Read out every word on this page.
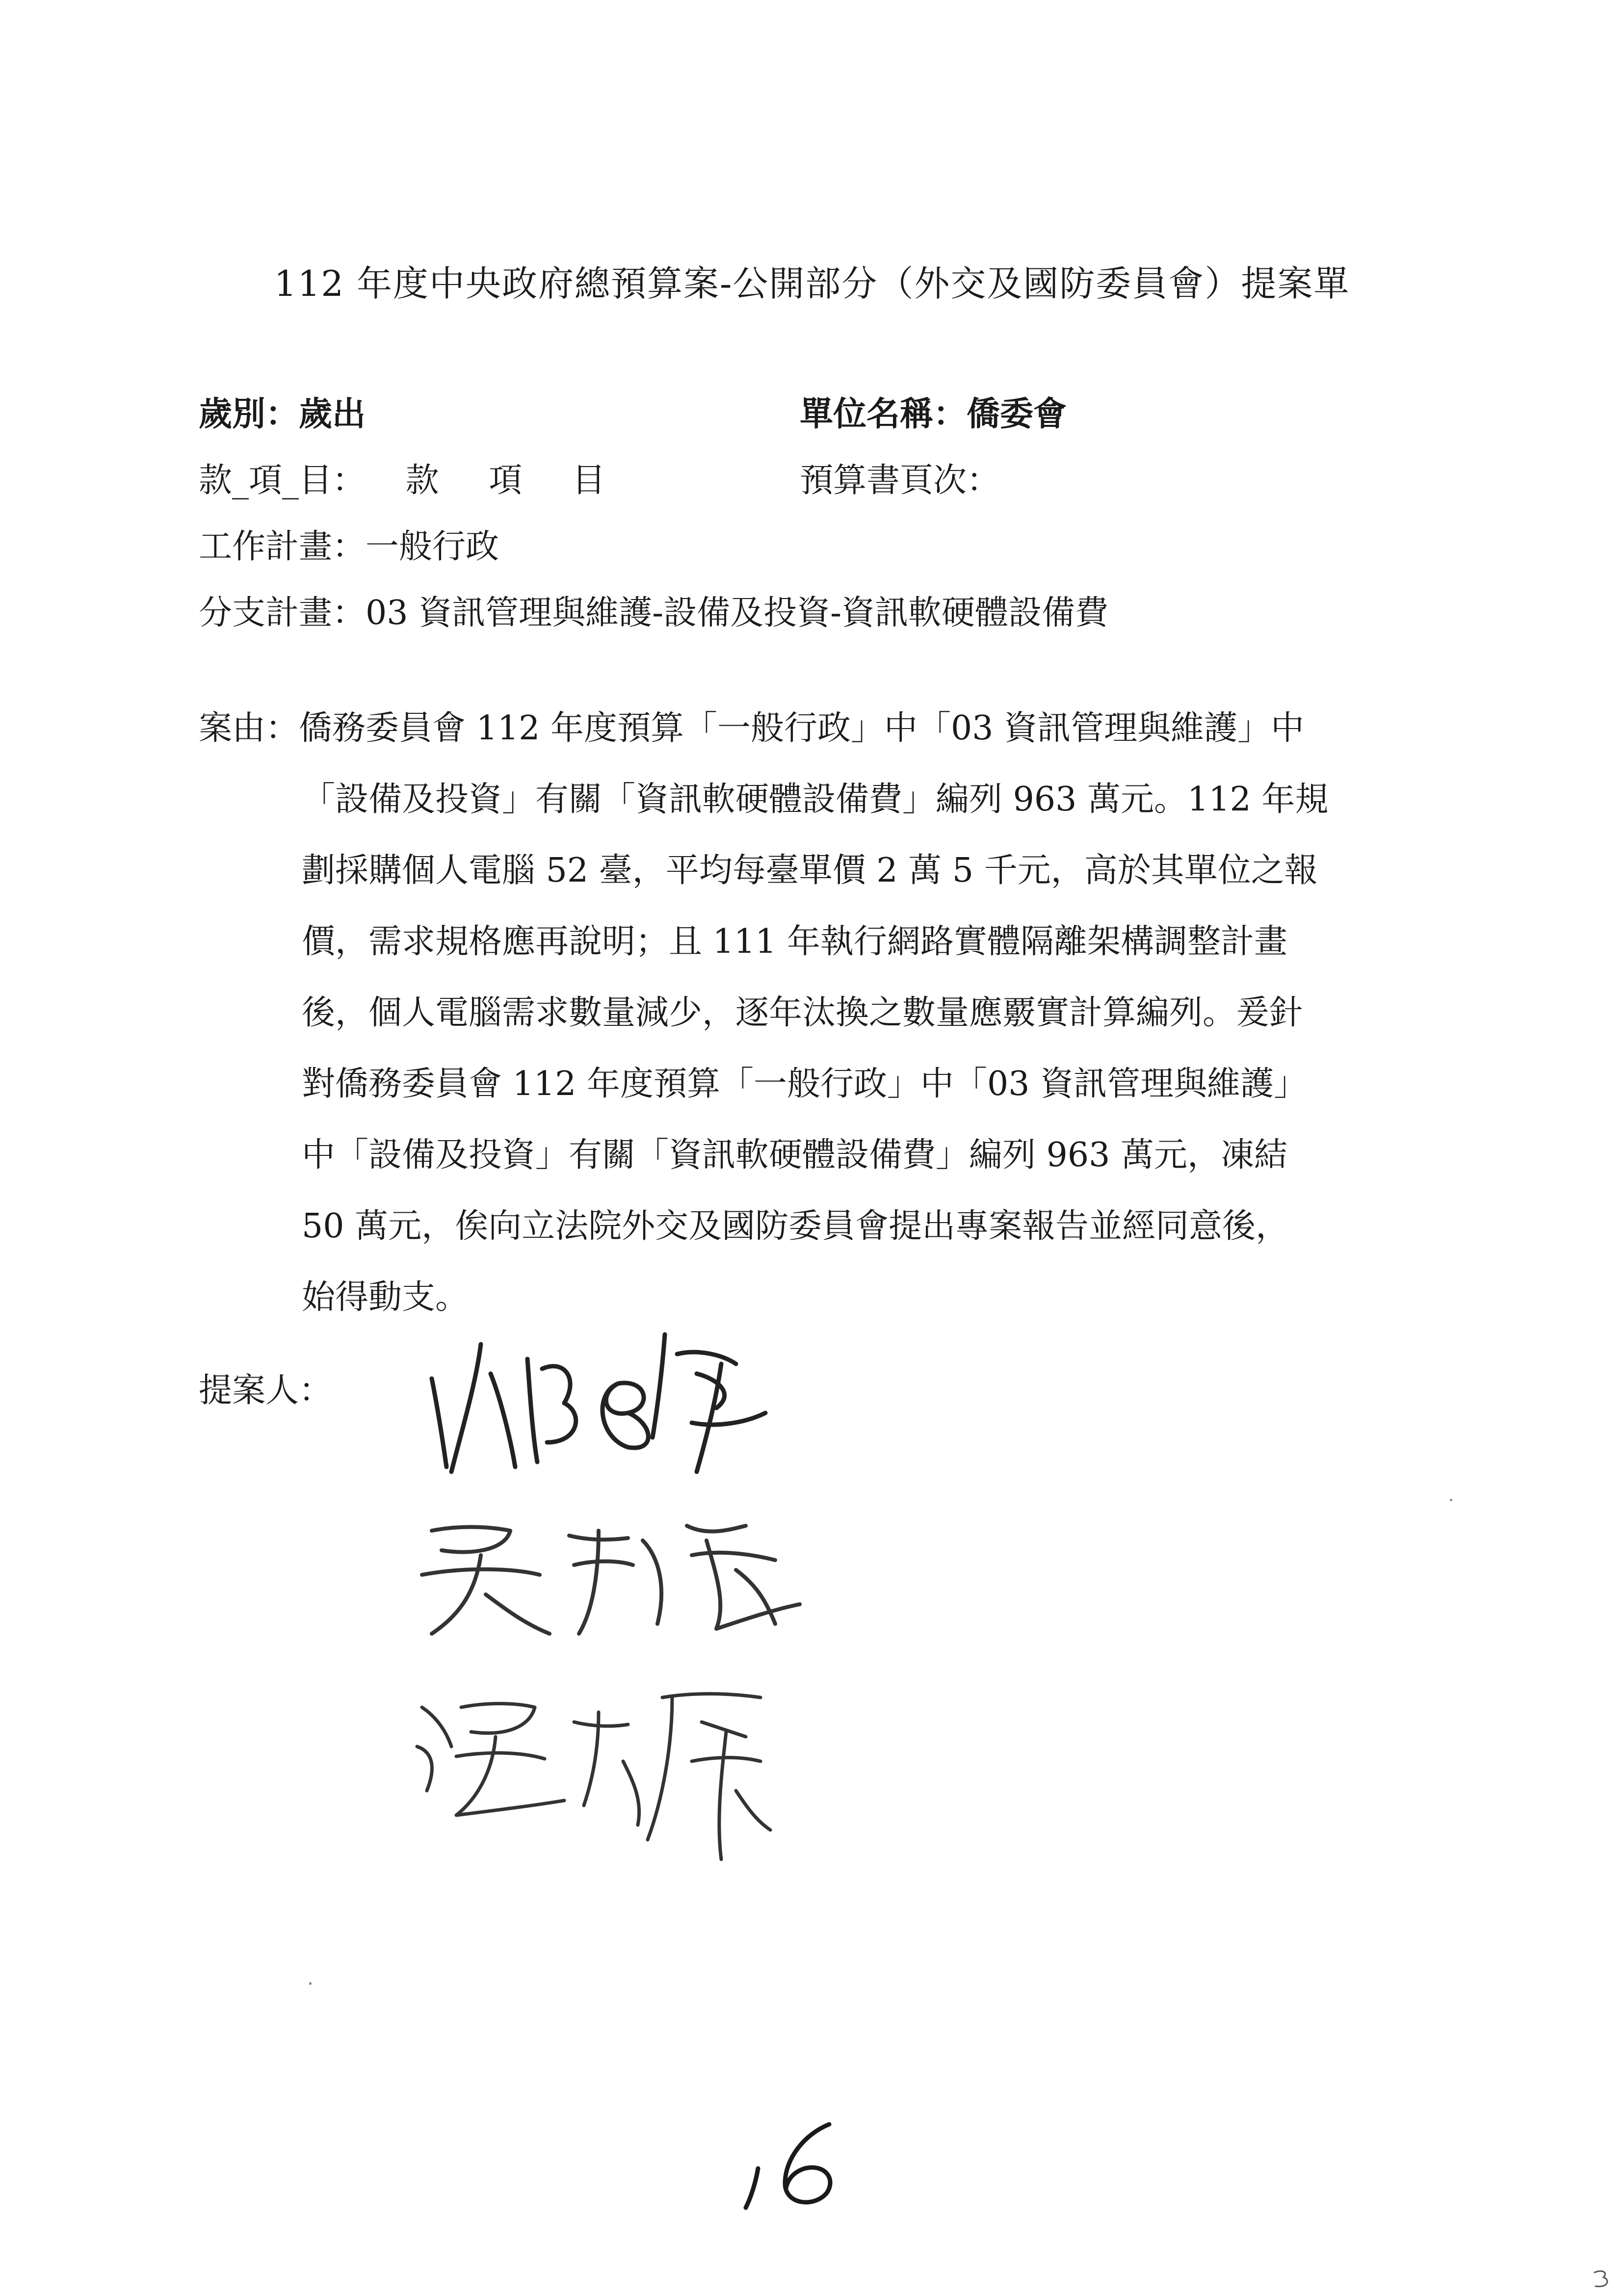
112 年度中央政府總預算案-公開部分（外交及國防委員會）提案單
歲別：歲出	單位名稱：僑委會
款_項_目： 款 項 目	預算書頁次：
工作計畫：一般行政
分支計畫：03 資訊管理與維護-設備及投資-資訊軟硬體設備費
案由：僑務委員會 112 年度預算「一般行政」中「03 資訊管理與維護」中
「設備及投資」有關「資訊軟硬體設備費」編列 963 萬元。112 年規
劃採購個人電腦 52 臺，平均每臺單價 2 萬 5 千元，高於其單位之報
價，需求規格應再說明；且 111 年執行網路實體隔離架構調整計畫
後，個人電腦需求數量減少，逐年汰換之數量應覈實計算編列。爰針
對僑務委員會 112 年度預算「一般行政」中「03 資訊管理與維護」
中「設備及投資」有關「資訊軟硬體設備費」編列 963 萬元，凍結
50 萬元，俟向立法院外交及國防委員會提出專案報告並經同意後，
始得動支。
提案人：
